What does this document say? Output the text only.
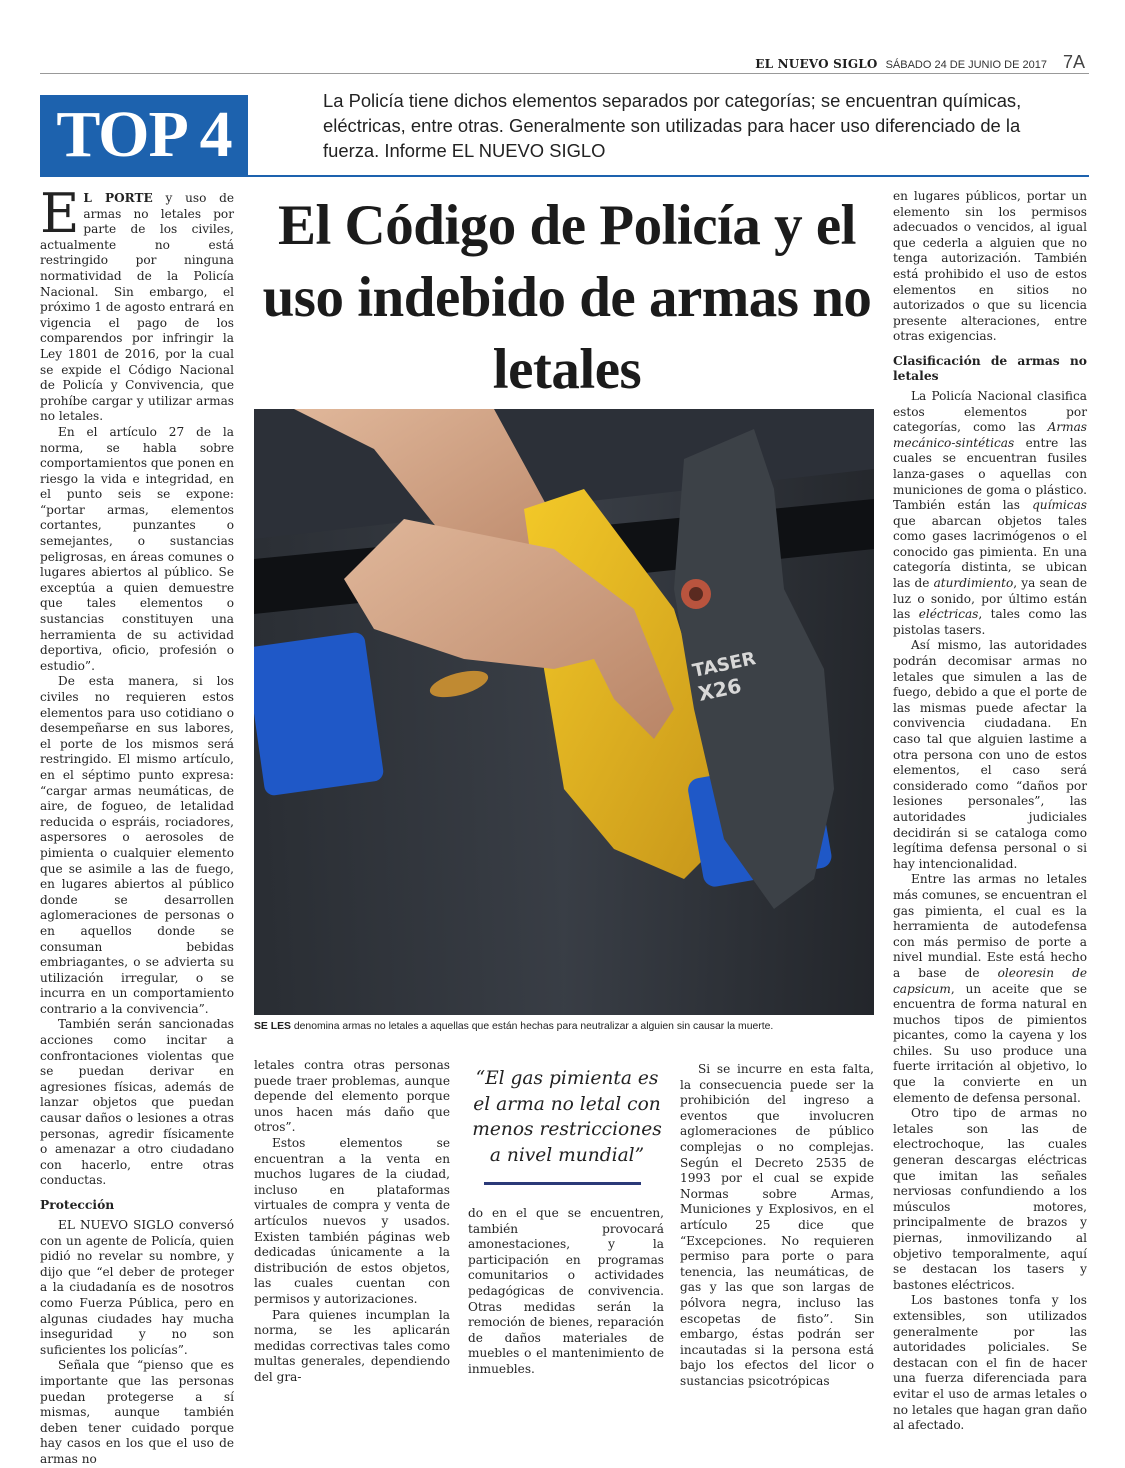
EL NUEVO SIGLO SÁBADO 24 DE JUNIO DE 2017 7A
TOP 4	La Policía tiene dichos elementos separados por categorías; se encuentran químicas, eléctricas, entre otras. Generalmente son utilizadas para hacer uso diferenciado de la fuerza. Informe EL NUEVO SIGLO

E L PORTE y uso de armas no letales por parte de los civiles, actualmente no está restringido por ninguna normatividad de la Policía Nacional. Sin embargo, el próximo 1 de agosto entrará en vigencia el pago de los comparendos por infringir la Ley 1801 de 2016, por la cual se expide el Código Nacional de Policía y Convivencia, que prohíbe cargar y utilizar armas no letales.

En el artículo 27 de la norma, se habla sobre comportamientos que ponen en riesgo la vida e integridad, en el punto seis se expone: “portar armas, elementos cortantes, punzantes o semejantes, o sustancias peligrosas, en áreas comunes o lugares abiertos al público. Se exceptúa a quien demuestre que tales elementos o sustancias constituyen una herramienta de su actividad deportiva, oficio, profesión o estudio”.

De esta manera, si los civiles no requieren estos elementos para uso cotidiano o desempeñarse en sus labores, el porte de los mismos será restringido. El mismo artículo, en el séptimo punto expresa: “cargar armas neumáticas, de aire, de fogueo, de letalidad reducida o espráis, rociadores, aspersores o aerosoles de pimienta o cualquier elemento que se asimile a las de fuego, en lugares abiertos al público donde se desarrollen aglomeraciones de personas o en aquellos donde se consuman bebidas embriagantes, o se advierta su utilización irregular, o se incurra en un comportamiento contrario a la convivencia”.

También serán sancionadas acciones como incitar a confrontaciones violentas que se puedan derivar en agresiones físicas, además de lanzar objetos que puedan causar daños o lesiones a otras personas, agredir físicamente o amenazar a otro ciudadano con hacerlo, entre otras conductas.

Protección

EL NUEVO SIGLO conversó con un agente de Policía, quien pidió no revelar su nombre, y dijo que “el deber de proteger a la ciudadanía es de nosotros como Fuerza Pública, pero en algunas ciudades hay mucha inseguridad y no son suficientes los policías”.

Señala que “pienso que es importante que las personas puedan protegerse a sí mismas, aunque también deben tener cuidado porque hay casos en los que el uso de armas no

El Código de Policía y el uso indebido de armas no letales
TASER
X26
SE LES denomina armas no letales a aquellas que están hechas para neutralizar a alguien sin causar la muerte.

letales contra otras personas puede traer problemas, aunque depende del elemento porque unos hacen más daño que otros”.

Estos elementos se encuentran a la venta en muchos lugares de la ciudad, incluso en plataformas virtuales de compra y venta de artículos nuevos y usados. Existen también páginas web dedicadas únicamente a la distribución de estos objetos, las cuales cuentan con permisos y autorizaciones.

Para quienes incumplan la norma, se les aplicarán medidas correctivas tales como multas generales, dependiendo del gra-

“El gas pimienta es el arma no letal con menos restricciones a nivel mundial”

do en el que se encuentren, también provocará amonestaciones, y la participación en programas comunitarios o actividades pedagógicas de convivencia. Otras medidas serán la remoción de bienes, reparación de daños materiales de muebles o el mantenimiento de inmuebles.

Si se incurre en esta falta, la consecuencia puede ser la prohibición del ingreso a eventos que involucren aglomeraciones de público complejas o no complejas. Según el Decreto 2535 de 1993 por el cual se expide Normas sobre Armas, Municiones y Explosivos, en el artículo 25 dice que “Excepciones. No requieren permiso para porte o para tenencia, las neumáticas, de gas y las que son largas de pólvora negra, incluso las escopetas de fisto”. Sin embargo, éstas podrán ser incautadas si la persona está bajo los efectos del licor o sustancias psicotrópicas

en lugares públicos, portar un elemento sin los permisos adecuados o vencidos, al igual que cederla a alguien que no tenga autorización. También está prohibido el uso de estos elementos en sitios no autorizados o que su licencia presente alteraciones, entre otras exigencias.

Clasificación de armas no letales

La Policía Nacional clasifica estos elementos por categorías, como las Armas mecánico-sintéticas entre las cuales se encuentran fusiles lanza-gases o aquellas con municiones de goma o plástico. También están las químicas que abarcan objetos tales como gases lacrimógenos o el conocido gas pimienta. En una categoría distinta, se ubican las de aturdimiento, ya sean de luz o sonido, por último están las eléctricas, tales como las pistolas tasers.

Así mismo, las autoridades podrán decomisar armas no letales que simulen a las de fuego, debido a que el porte de las mismas puede afectar la convivencia ciudadana. En caso tal que alguien lastime a otra persona con uno de estos elementos, el caso será considerado como “daños por lesiones personales”, las autoridades judiciales decidirán si se cataloga como legítima defensa personal o si hay intencionalidad.

Entre las armas no letales más comunes, se encuentran el gas pimienta, el cual es la herramienta de autodefensa con más permiso de porte a nivel mundial. Este está hecho a base de oleoresin de capsicum, un aceite que se encuentra de forma natural en muchos tipos de pimientos picantes, como la cayena y los chiles. Su uso produce una fuerte irritación al objetivo, lo que la convierte en un elemento de defensa personal.

Otro tipo de armas no letales son las de electrochoque, las cuales generan descargas eléctricas que imitan las señales nerviosas confundiendo a los músculos motores, principalmente de brazos y piernas, inmovilizando al objetivo temporalmente, aquí se destacan los tasers y bastones eléctricos.

Los bastones tonfa y los extensibles, son utilizados generalmente por las autoridades policiales. Se destacan con el fin de hacer una fuerza diferenciada para evitar el uso de armas letales o no letales que hagan gran daño al afectado.
